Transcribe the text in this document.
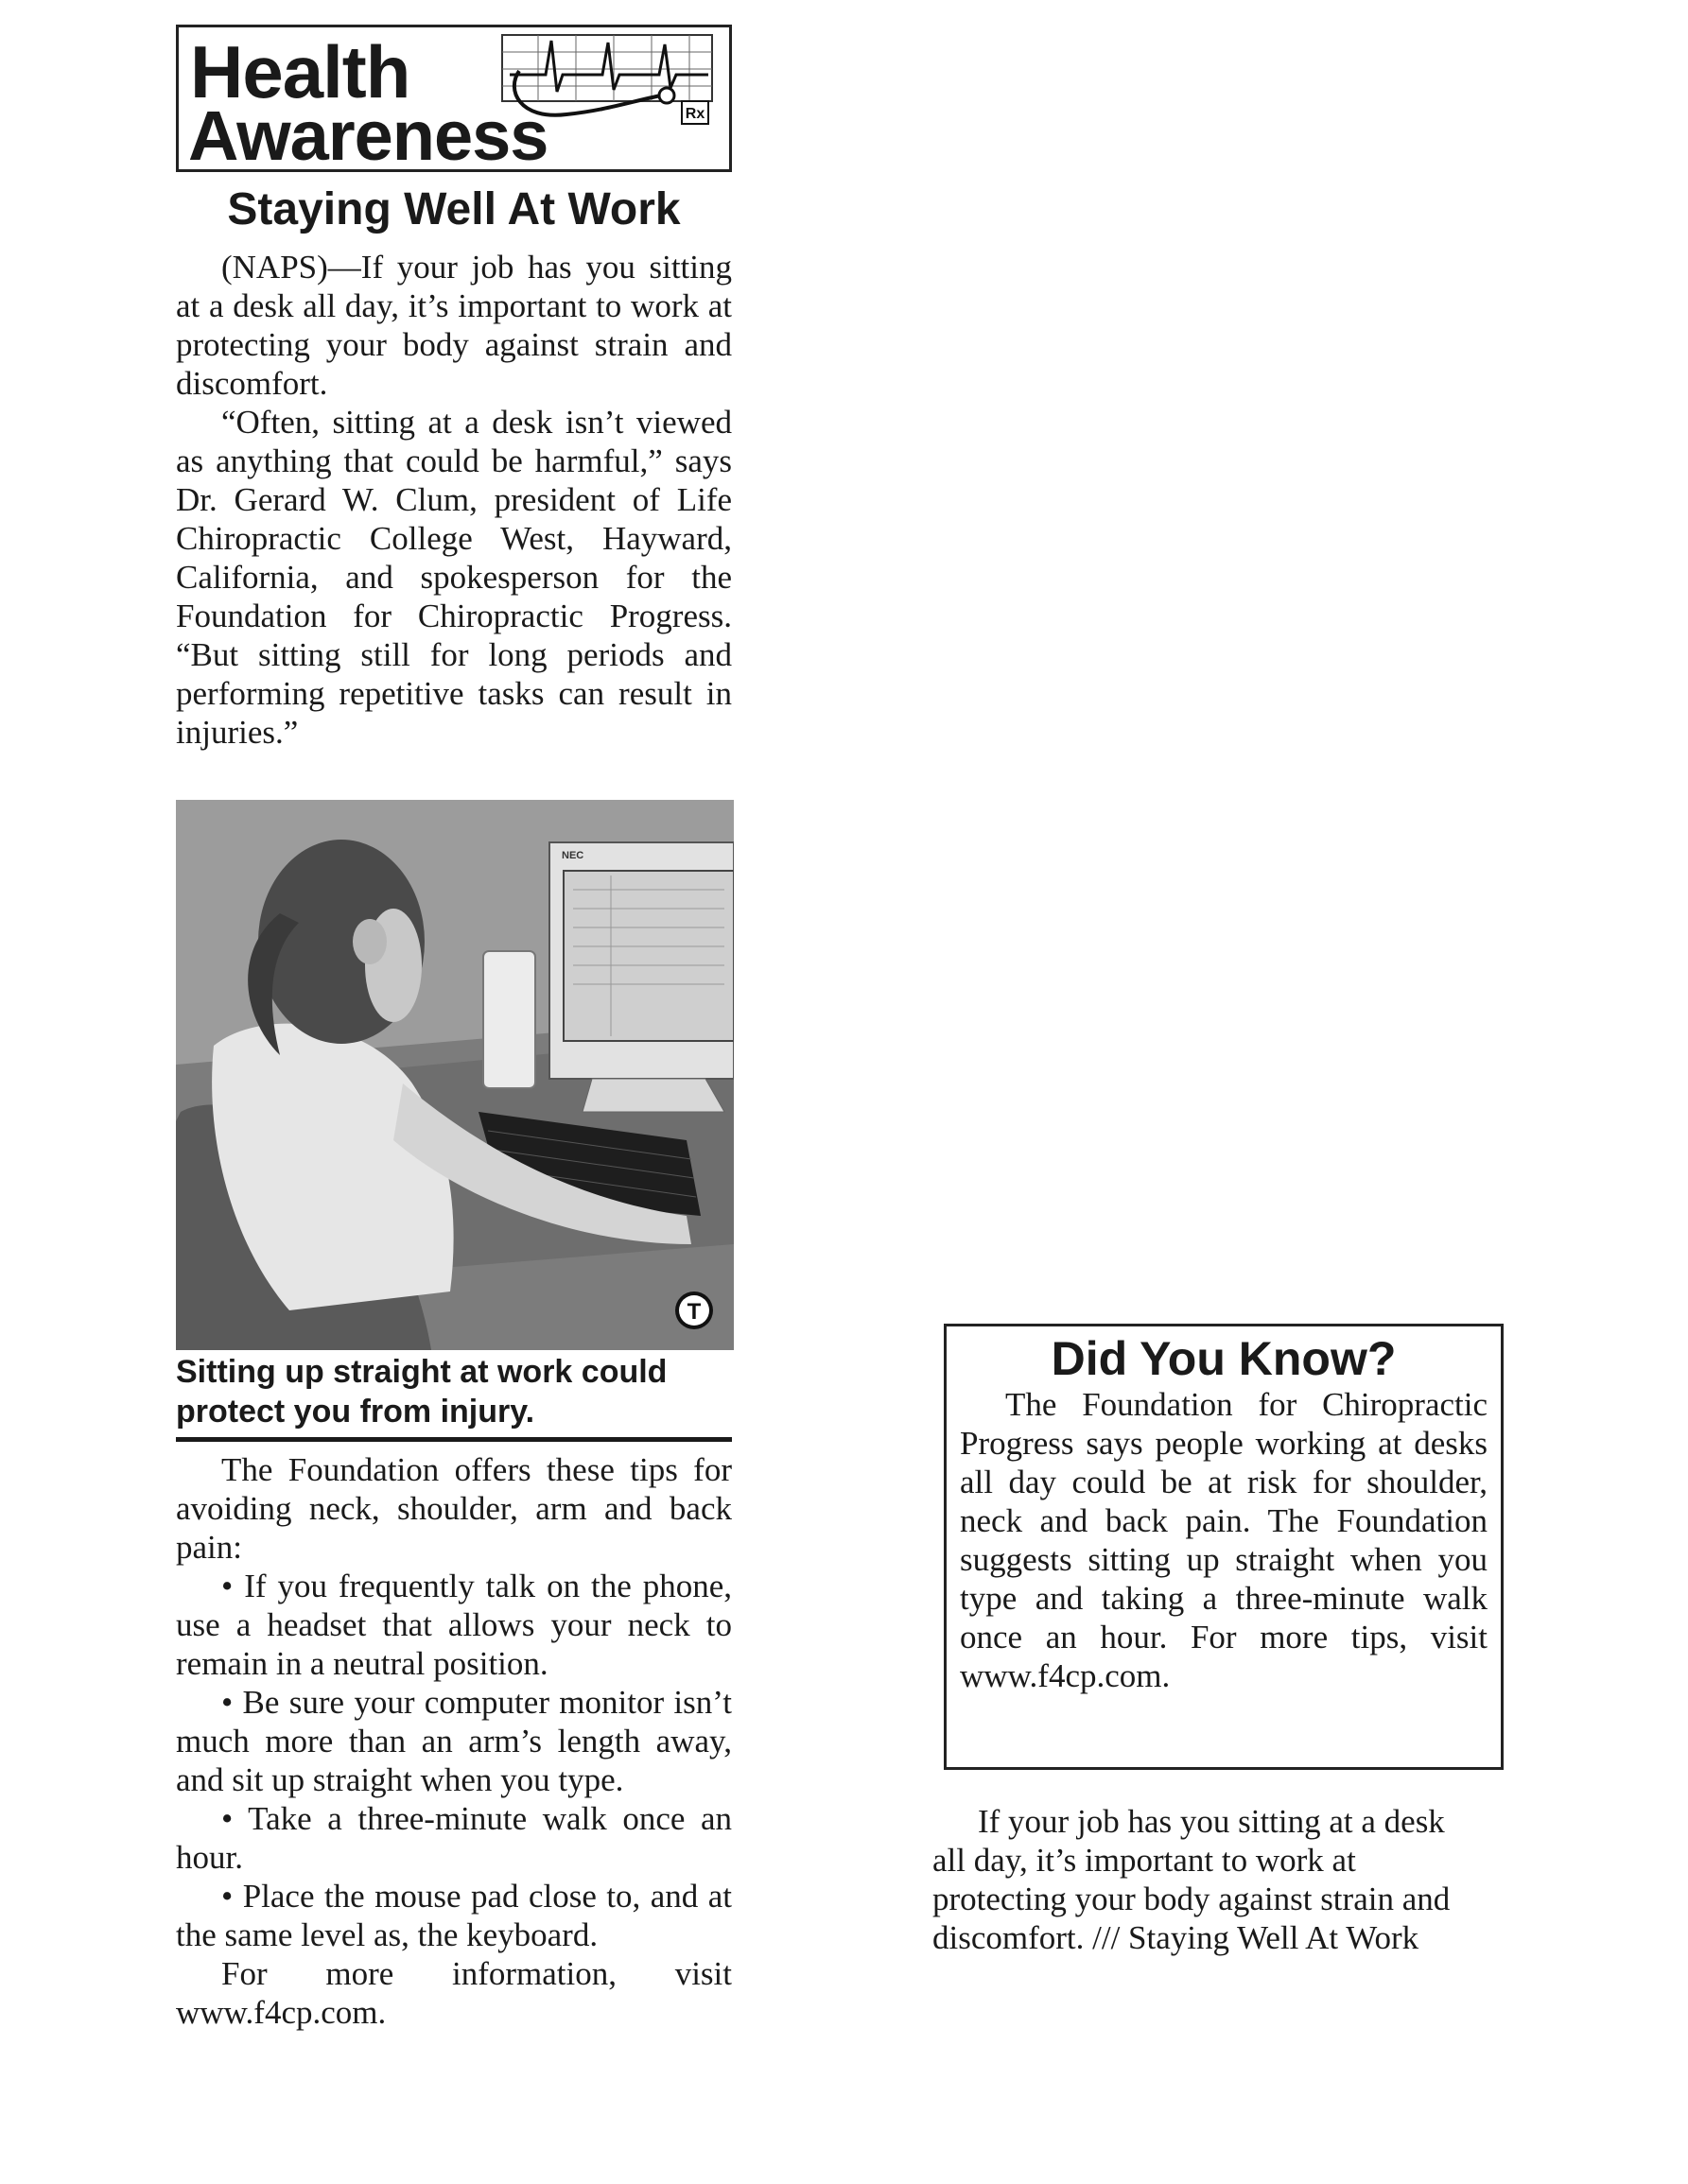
Health
Awareness	Rx
Staying Well At Work

(NAPS)—If your job has you sitting at a desk all day, it’s important to work at protecting your body against strain and discomfort.

“Often, sitting at a desk isn’t viewed as anything that could be harmful,” says Dr. Gerard W. Clum, president of Life Chiropractic College West, Hayward, California, and spokesperson for the Foundation for Chiropractic Progress. “But sitting still for long periods and performing repetitive tasks can result in injuries.”

NEC
T
Sitting up straight at work could protect you from injury.

The Foundation offers these tips for avoiding neck, shoulder, arm and back pain:

• If you frequently talk on the phone, use a headset that allows your neck to remain in a neutral position.

• Be sure your computer monitor isn’t much more than an arm’s length away, and sit up straight when you type.

• Take a three-minute walk once an hour.

• Place the mouse pad close to, and at the same level as, the keyboard.

For more information, visit www.f4cp.com.

Did You Know?

The Foundation for Chiropractic Progress says people working at desks all day could be at risk for shoulder, neck and back pain. The Foundation suggests sitting up straight when you type and taking a three-minute walk once an hour. For more tips, visit www.f4cp.com.

If your job has you sitting at a desk all day, it’s important to work at protecting your body against strain and discomfort. /// Staying Well At Work
